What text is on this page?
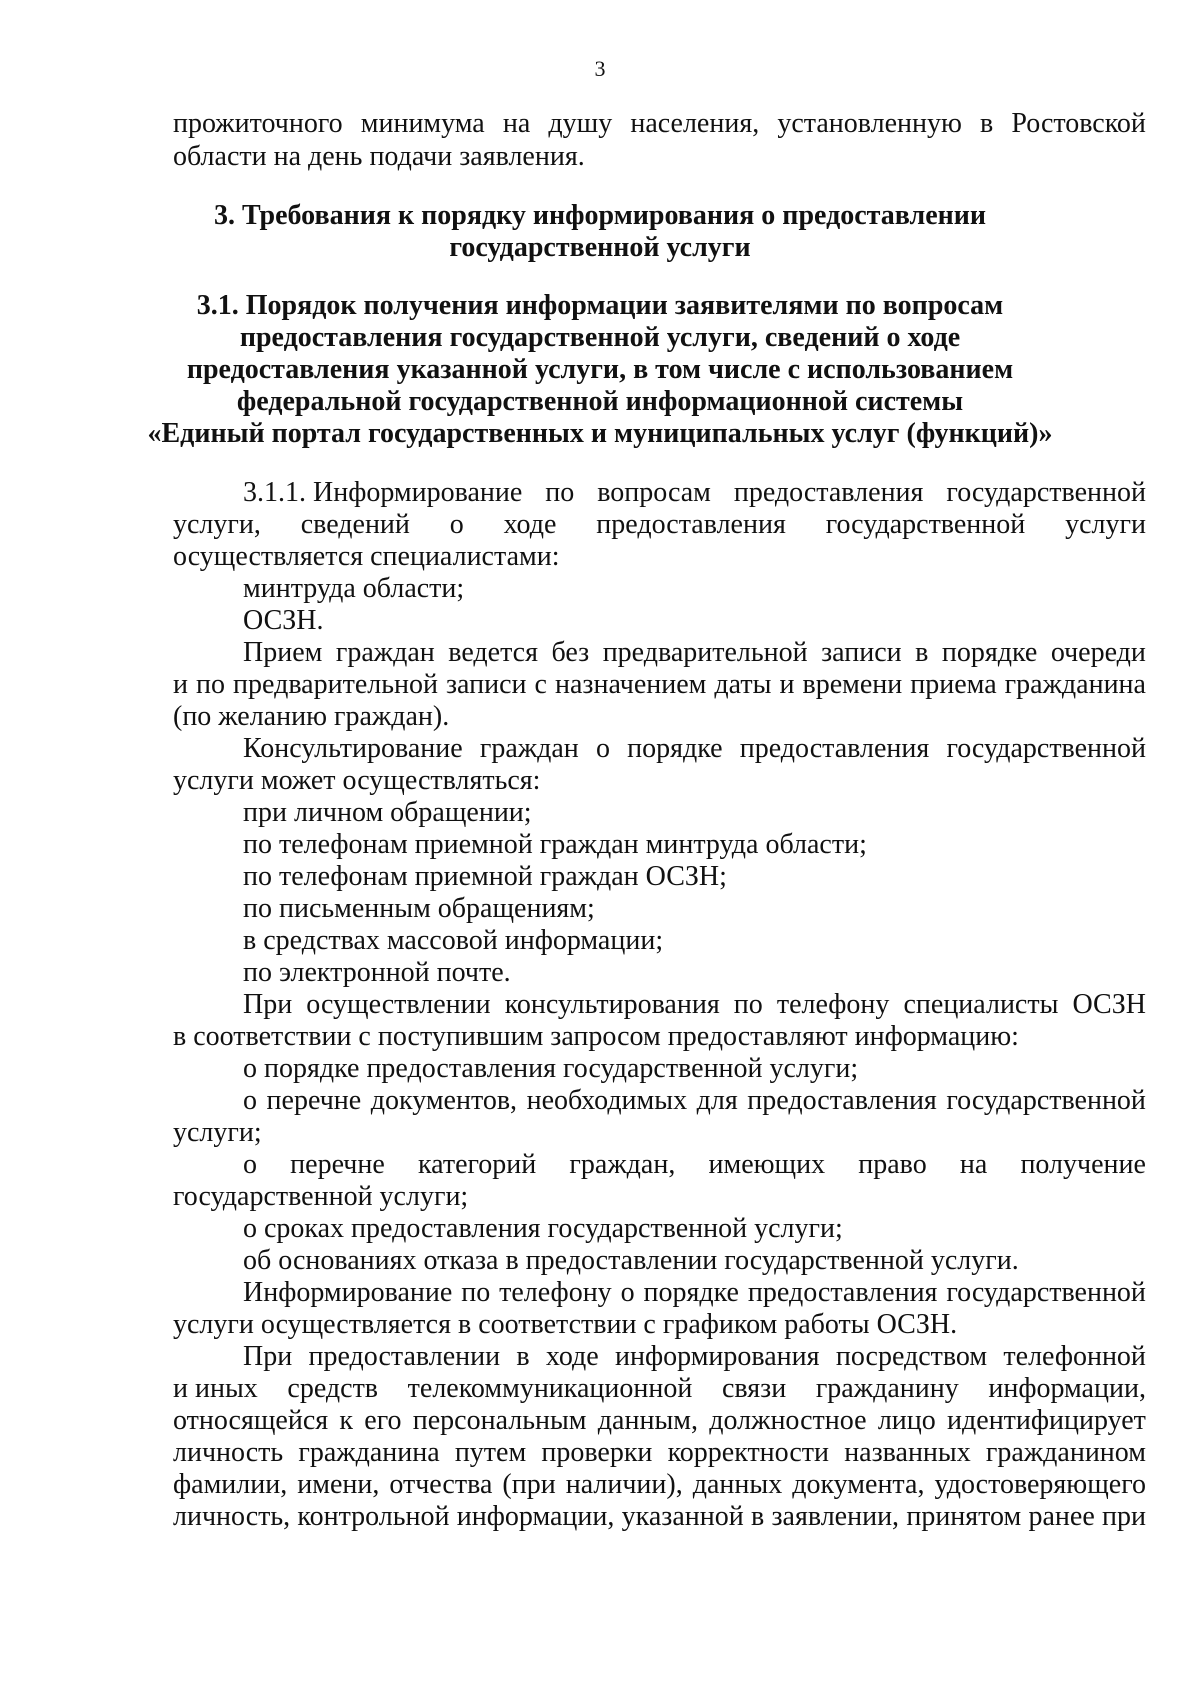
3
прожиточного минимума на душу населения, установленную в Ростовской
области на день подачи заявления.
3. Требования к порядку информирования о предоставлении
государственной услуги
3.1. Порядок получения информации заявителями по вопросам
предоставления государственной услуги, сведений о ходе
предоставления указанной услуги, в том числе с использованием
федеральной государственной информационной системы
«Единый портал государственных и муниципальных услуг (функций)»
3.1.1. Информирование по вопросам предоставления государственной
услуги, сведений о ходе предоставления государственной услуги
осуществляется специалистами:
минтруда области;
ОСЗН.
Прием граждан ведется без предварительной записи в порядке очереди
и по предварительной записи с назначением даты и времени приема гражданина
(по желанию граждан).
Консультирование граждан о порядке предоставления государственной
услуги может осуществляться:
при личном обращении;
по телефонам приемной граждан минтруда области;
по телефонам приемной граждан ОСЗН;
по письменным обращениям;
в средствах массовой информации;
по электронной почте.
При осуществлении консультирования по телефону специалисты ОСЗН
в соответствии с поступившим запросом предоставляют информацию:
о порядке предоставления государственной услуги;
о перечне документов, необходимых для предоставления государственной
услуги;
о перечне категорий граждан, имеющих право на получение
государственной услуги;
о сроках предоставления государственной услуги;
об основаниях отказа в предоставлении государственной услуги.
Информирование по телефону о порядке предоставления государственной
услуги осуществляется в соответствии с графиком работы ОСЗН.
При предоставлении в ходе информирования посредством телефонной
и иных средств телекоммуникационной связи гражданину информации,
относящейся к его персональным данным, должностное лицо идентифицирует
личность гражданина путем проверки корректности названных гражданином
фамилии, имени, отчества (при наличии), данных документа, удостоверяющего
личность, контрольной информации, указанной в заявлении, принятом ранее при
